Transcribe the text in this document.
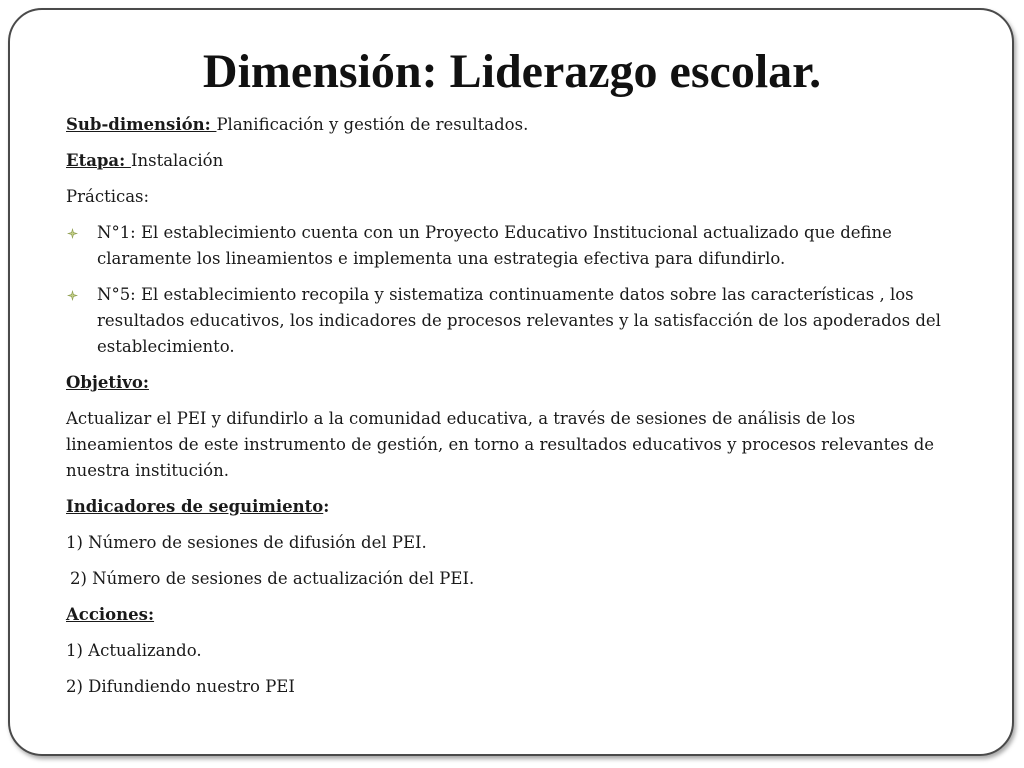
Dimensión: Liderazgo escolar.

Sub-dimensión: Planificación y gestión de resultados.

Etapa: Instalación

Prácticas:

N°1: El establecimiento cuenta con un Proyecto Educativo Institucional actualizado que define claramente los lineamientos e implementa una estrategia efectiva para difundirlo.
N°5: El establecimiento recopila y sistematiza continuamente datos sobre las características , los resultados educativos, los indicadores de procesos relevantes y la satisfacción de los apoderados del establecimiento.

Objetivo:

Actualizar el PEI y difundirlo a la comunidad educativa, a través de sesiones de análisis de los lineamientos de este instrumento de gestión, en torno a resultados educativos y procesos relevantes de nuestra institución.

Indicadores de seguimiento:

1) Número de sesiones de difusión del PEI.

2) Número de sesiones de actualización del PEI.

Acciones:

1) Actualizando.

2) Difundiendo nuestro PEI
